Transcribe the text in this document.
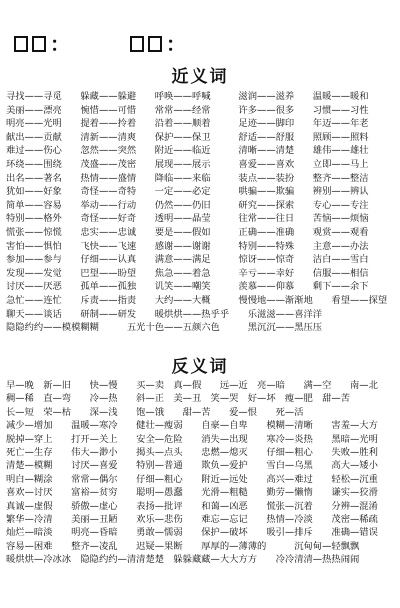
：	：
近义词
寻找——寻觅　　躲藏——躲避　　呼唤——呼喊　　　滋润——滋养　　温暖——暖和
美丽——漂亮　　惋惜——可惜　　常常——经常　　　许多——很多　　习惯——习性
明亮——光明　　提着——拎着　　沿着——顺着　　　足迹——脚印　　年迈——年老
献出——贡献　　清新——清爽　　保护——保卫　　　舒适——舒服　　照顾——照料
难过——伤心　　忽然——突然　　附近——临近　　　清晰——清楚　　雄伟——雄壮
环绕——围绕　　茂盛——茂密　　展现——展示　　　喜爱——喜欢　　立即——马上
出名——著名　　热情——盛情　　降临——来临　　　装点——装扮　　整齐——整洁
犹如——好象　　奇怪——奇特　　一定——必定　　　哄骗——欺骗　　辨别——辨认
简单——容易　　举动——行动　　仍然——仍旧　　　研究——探索　　专心——专注
特别——格外　　奇怪——好奇　　透明——晶莹　　　往常——往日　　苦恼——烦恼
慌张——惊慌　　忠实——忠诚　　要是——假如　　　正确——准确　　观赏——观看
害怕——惧怕　　飞快——飞速　　感谢——谢谢　　　特别——特殊　　主意——办法
参加——参与　　仔细——认真　　满意——满足　　　惊讶——惊奇　　洁白——雪白
发现——发觉　　巴望——盼望　　焦急——着急　　　辛亏——幸好　　信服——相信
讨厌——厌恶　　孤单——孤独　　讥笑——嘲笑　　　羡慕——仰慕　　剩下——余下
急忙——连忙　　斥责——指责　　大约——大概　　　慢慢地——渐渐地　　看望——探望
聊天——谈话　　研制——研发　　暖烘烘——热乎乎　　乐滋滋——喜洋洋
隐隐约约——模模糊糊　　　五光十色——五颜六色　　　黑沉沉——黑压压
反义词
早—晚　新—旧　　快—慢　　买—卖　真—假　　远—近　亮—暗　　满—空　　南—北
稠—稀　直—弯　　冷—热　　斜—正　美—丑　笑—哭　好—坏　瘦—肥　甜—苦
长—短　荣—枯　　深—浅　　饱—饿　　甜—苦　　爱—恨　　死—活
减少—增加　　温暖—寒冷　　健壮—瘦弱　　自豪—自卑　　模糊—清晰　　害羞—大方
脱掉—穿上　　打开—关上　　安全—危险　　消失—出现　　寒冷—炎热　　黑暗—光明
死亡—生存　　伟大—渺小　　揭头—点头　　忠燃—熄灭　　仔细—粗心　　失败—胜利
清楚—模糊　　讨厌—喜爱　　特别—普通　　欺负—爱护　　雪白—乌黑　　高大—矮小
明白—糊涂　　常常—偶尔　　仔细—粗心　　附近—远处　　高兴—难过　　轻松—沉重
喜欢—讨厌　　富裕—贫穷　　聪明—愚蠢　　光滑—粗糙　　勤劳—懒惰　　谦实—狡滑
真诚—虚假　　骄傲—虚心　　表扬—批评　　和蔼—凶恶　　慌张—沉着　　分辨—混淆
繁华—冷清　　美丽—丑陋　　欢乐—悲伤　　难忘—忘记　　热情—冷淡　　茂密—稀疏
灿烂—暗淡　　明亮—昏暗　　勇敢—懦弱　　保护—破坏　　吸引—排斥　　准确—错误
容易—困难　　整齐—凌乱　　迟疑—果断　　厚厚的—薄薄的　　　沉甸甸—轻飘飘
暖烘烘—冷冰冰　隐隐约约—清清楚楚　躲躲藏藏—大大方方　　冷冷清清—热热闹闹
